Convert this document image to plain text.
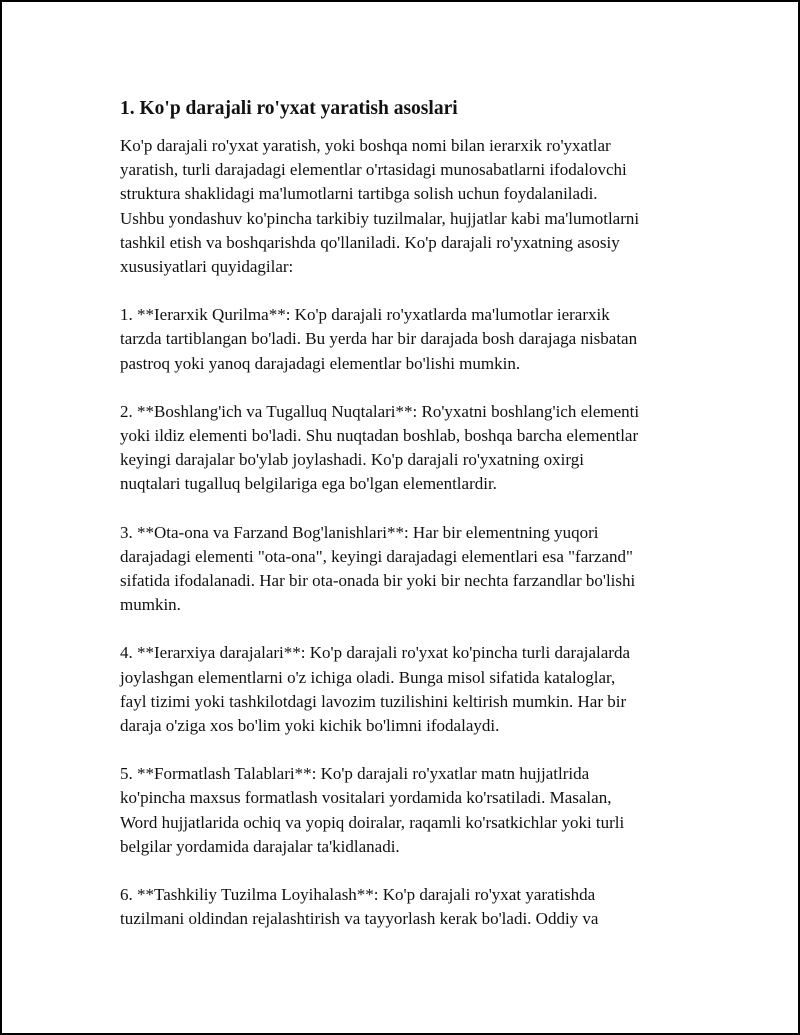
1. Ko'p darajali ro'yxat yaratish asoslari

Ko'p darajali ro'yxat yaratish, yoki boshqa nomi bilan ierarxik ro'yxatlar
yaratish, turli darajadagi elementlar o'rtasidagi munosabatlarni ifodalovchi
struktura shaklidagi ma'lumotlarni tartibga solish uchun foydalaniladi.
Ushbu yondashuv ko'pincha tarkibiy tuzilmalar, hujjatlar kabi ma'lumotlarni
tashkil etish va boshqarishda qo'llaniladi. Ko'p darajali ro'yxatning asosiy
xususiyatlari quyidagilar:

1. **Ierarxik Qurilma**: Ko'p darajali ro'yxatlarda ma'lumotlar ierarxik
tarzda tartiblangan bo'ladi. Bu yerda har bir darajada bosh darajaga nisbatan
pastroq yoki yanoq darajadagi elementlar bo'lishi mumkin.

2. **Boshlang'ich va Tugalluq Nuqtalari**: Ro'yxatni boshlang'ich elementi
yoki ildiz elementi bo'ladi. Shu nuqtadan boshlab, boshqa barcha elementlar
keyingi darajalar bo'ylab joylashadi. Ko'p darajali ro'yxatning oxirgi
nuqtalari tugalluq belgilariga ega bo'lgan elementlardir.

3. **Ota-ona va Farzand Bog'lanishlari**: Har bir elementning yuqori
darajadagi elementi "ota-ona", keyingi darajadagi elementlari esa "farzand"
sifatida ifodalanadi. Har bir ota-onada bir yoki bir nechta farzandlar bo'lishi
mumkin.

4. **Ierarxiya darajalari**: Ko'p darajali ro'yxat ko'pincha turli darajalarda
joylashgan elementlarni o'z ichiga oladi. Bunga misol sifatida kataloglar,
fayl tizimi yoki tashkilotdagi lavozim tuzilishini keltirish mumkin. Har bir
daraja o'ziga xos bo'lim yoki kichik bo'limni ifodalaydi.

5. **Formatlash Talablari**: Ko'p darajali ro'yxatlar matn hujjatlrida
ko'pincha maxsus formatlash vositalari yordamida ko'rsatiladi. Masalan,
Word hujjatlarida ochiq va yopiq doiralar, raqamli ko'rsatkichlar yoki turli
belgilar yordamida darajalar ta'kidlanadi.

6. **Tashkiliy Tuzilma Loyihalash**: Ko'p darajali ro'yxat yaratishda
tuzilmani oldindan rejalashtirish va tayyorlash kerak bo'ladi. Oddiy va
